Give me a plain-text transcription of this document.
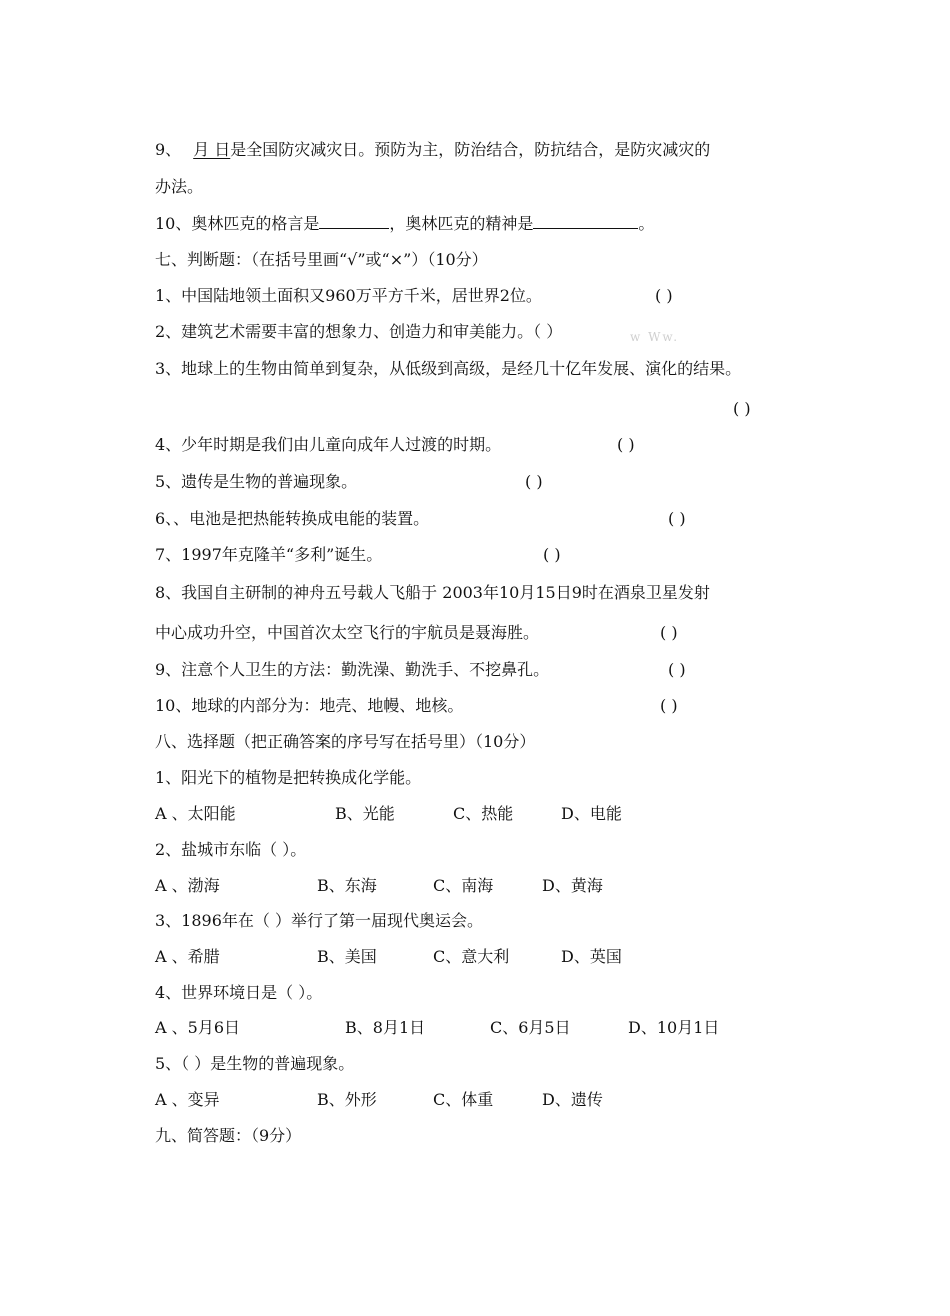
9、 月 日是全国防灾减灾日。预防为主，防治结合，防抗结合，是防灾减灾的
办法。
10、奥林匹克的格言是	，奥林匹克的精神是	。
七、判断题：（在括号里画“√”或“×”）（10分）
1、中国陆地领土面积又960万平方千米，居世界2位。	( )
2、建筑艺术需要丰富的想象力、创造力和审美能力。（ ）	w Ww.
3、地球上的生物由简单到复杂，从低级到高级，是经几十亿年发展、演化的结果。
( )
4、少年时期是我们由儿童向成年人过渡的时期。	( )
5、遗传是生物的普遍现象。	( )
6、、电池是把热能转换成电能的装置。	( )
7、1997年克隆羊“多利”诞生。	( )
8、我国自主研制的神舟五号载人飞船于 2003年10月15日9时在酒泉卫星发射
中心成功升空，中国首次太空飞行的宇航员是聂海胜。	( )
9、注意个人卫生的方法：勤洗澡、勤洗手、不挖鼻孔。	( )
10、地球的内部分为：地壳、地幔、地核。	( )
八、选择题（把正确答案的序号写在括号里）（10分）
1、阳光下的植物是把转换成化学能。
A 、太阳能	B、光能	C、热能	D、电能
2、盐城市东临（ ）。
A 、渤海	B、东海	C、南海	D、黄海
3、1896年在（ ）举行了第一届现代奥运会。
A 、希腊	B、美国	C、意大利	D、英国
4、世界环境日是（ ）。
A 、5月6日	B、8月1日	C、6月5日	D、10月1日
5、（ ）是生物的普遍现象。
A 、变异	B、外形	C、体重	D、遗传
九、简答题：（9分）
